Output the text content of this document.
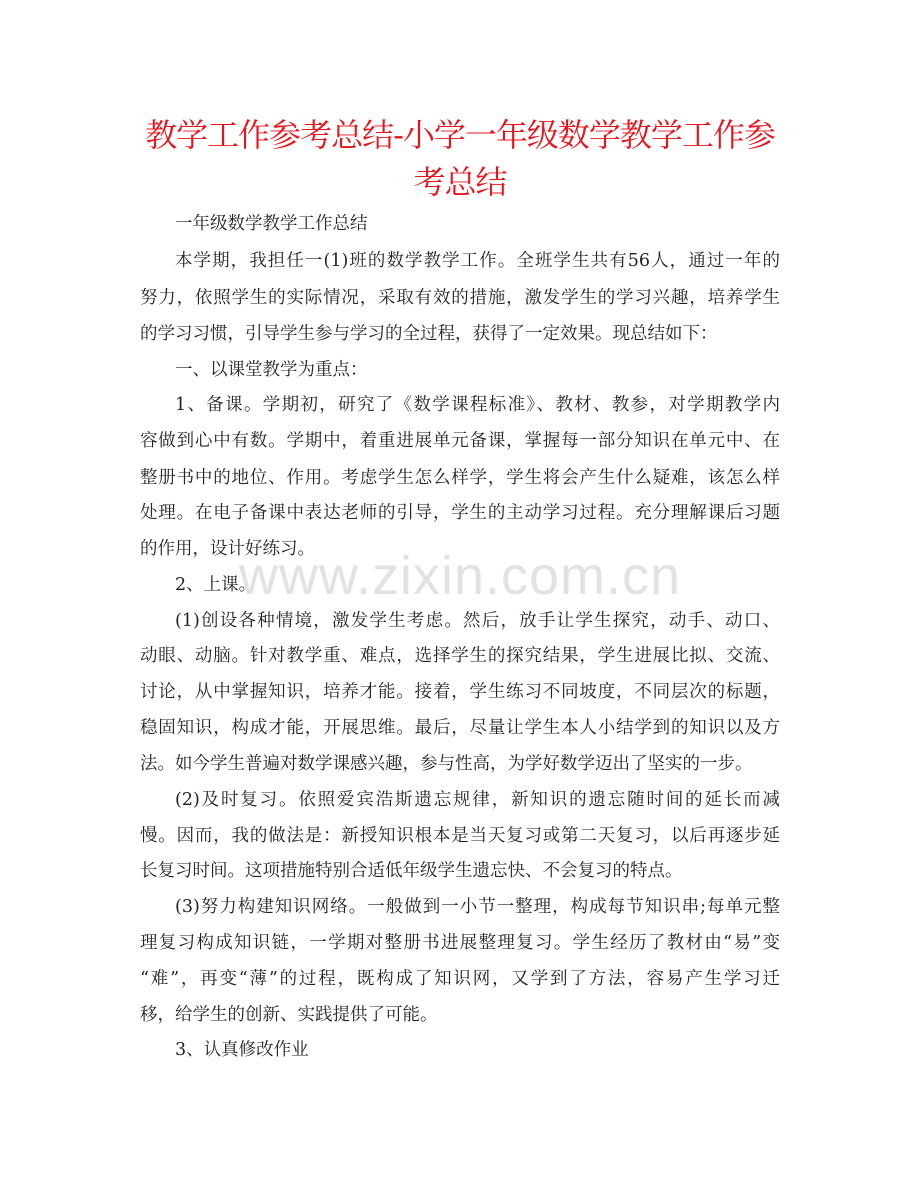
教学工作参考总结-小学一年级数学教学工作参
考总结
一年级数学教学工作总结
本学期，我担任一(1)班的数学教学工作。全班学生共有56人，通过一年的
努力，依照学生的实际情况，采取有效的措施，激发学生的学习兴趣，培养学生
的学习习惯，引导学生参与学习的全过程，获得了一定效果。现总结如下：
一、以课堂教学为重点：
1、备课。学期初，研究了《数学课程标准》、教材、教参，对学期教学内
容做到心中有数。学期中，着重进展单元备课，掌握每一部分知识在单元中、在
整册书中的地位、作用。考虑学生怎么样学，学生将会产生什么疑难，该怎么样
处理。在电子备课中表达老师的引导，学生的主动学习过程。充分理解课后习题
的作用，设计好练习。
2、上课。
(1)创设各种情境，激发学生考虑。然后，放手让学生探究，动手、动口、
动眼、动脑。针对教学重、难点，选择学生的探究结果，学生进展比拟、交流、
讨论，从中掌握知识，培养才能。接着，学生练习不同坡度，不同层次的标题，
稳固知识，构成才能，开展思维。最后，尽量让学生本人小结学到的知识以及方
法。如今学生普遍对数学课感兴趣，参与性高，为学好数学迈出了坚实的一步。
(2)及时复习。依照爱宾浩斯遗忘规律，新知识的遗忘随时间的延长而减
慢。因而，我的做法是：新授知识根本是当天复习或第二天复习，以后再逐步延
长复习时间。这项措施特别合适低年级学生遗忘快、不会复习的特点。
(3)努力构建知识网络。一般做到一小节一整理，构成每节知识串;每单元整
理复习构成知识链，一学期对整册书进展整理复习。学生经历了教材由“易”变
“难”，再变“薄”的过程，既构成了知识网，又学到了方法，容易产生学习迁
移，给学生的创新、实践提供了可能。
3、认真修改作业
www.zixin.com.cn
